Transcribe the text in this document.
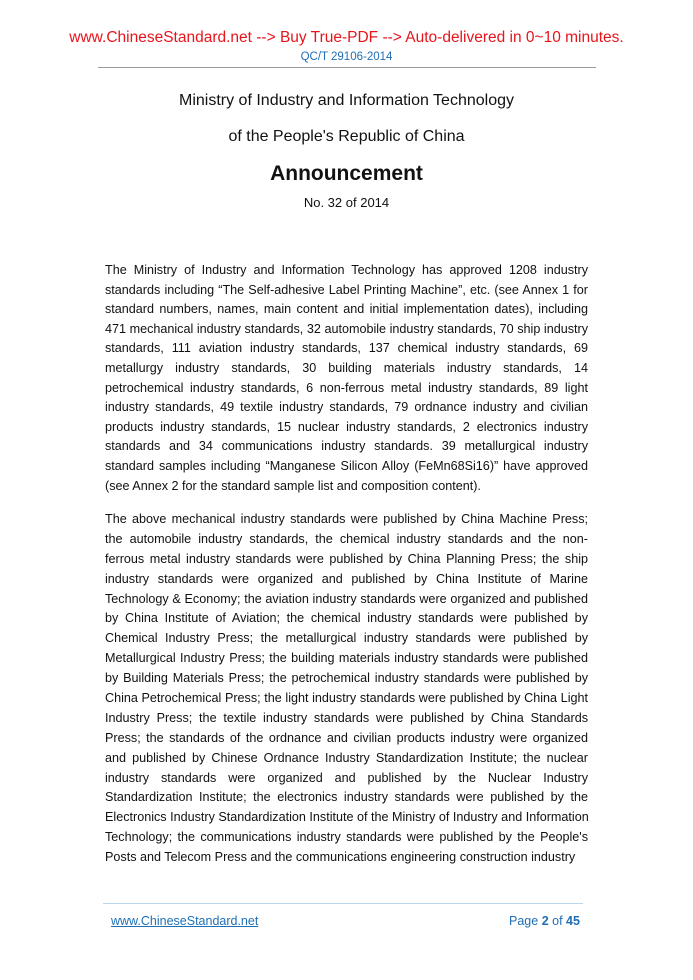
www.ChineseStandard.net --> Buy True-PDF --> Auto-delivered in 0~10 minutes.
QC/T 29106-2014
Ministry of Industry and Information Technology
of the People's Republic of China
Announcement
No. 32 of 2014
The Ministry of Industry and Information Technology has approved 1208 industry
standards including “The Self-adhesive Label Printing Machine”, etc. (see Annex 1 for
standard numbers, names, main content and initial implementation dates), including
471 mechanical industry standards, 32 automobile industry standards, 70 ship industry
standards, 111 aviation industry standards, 137 chemical industry standards, 69
metallurgy industry standards, 30 building materials industry standards, 14
petrochemical industry standards, 6 non-ferrous metal industry standards, 89 light
industry standards, 49 textile industry standards, 79 ordnance industry and civilian
products industry standards, 15 nuclear industry standards, 2 electronics industry
standards and 34 communications industry standards. 39 metallurgical industry
standard samples including “Manganese Silicon Alloy (FeMn68Si16)” have approved
(see Annex 2 for the standard sample list and composition content).
The above mechanical industry standards were published by China Machine Press;
the automobile industry standards, the chemical industry standards and the non-
ferrous metal industry standards were published by China Planning Press; the ship
industry standards were organized and published by China Institute of Marine
Technology & Economy; the aviation industry standards were organized and published
by China Institute of Aviation; the chemical industry standards were published by
Chemical Industry Press; the metallurgical industry standards were published by
Metallurgical Industry Press; the building materials industry standards were published
by Building Materials Press; the petrochemical industry standards were published by
China Petrochemical Press; the light industry standards were published by China Light
Industry Press; the textile industry standards were published by China Standards
Press; the standards of the ordnance and civilian products industry were organized
and published by Chinese Ordnance Industry Standardization Institute; the nuclear
industry standards were organized and published by the Nuclear Industry
Standardization Institute; the electronics industry standards were published by the
Electronics Industry Standardization Institute of the Ministry of Industry and Information
Technology; the communications industry standards were published by the People's
Posts and Telecom Press and the communications engineering construction industry
www.ChineseStandard.net	Page 2 of 45
